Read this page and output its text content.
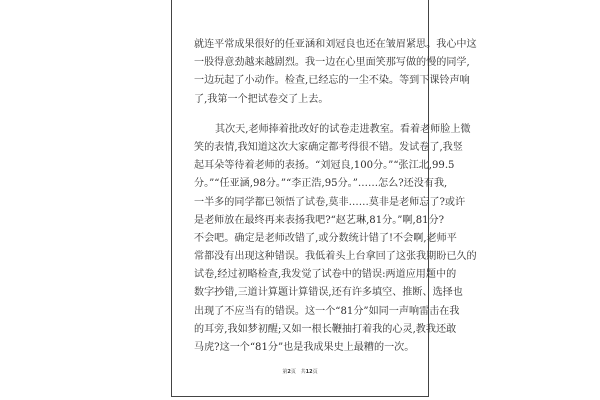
就连平常成果很好的任亚涵和刘冠良也还在皱眉紧思。我心中这
一股得意劲越来越剧烈。我一边在心里面笑那写做的慢的同学,
一边玩起了小动作。检查,已经忘的一尘不染。等到下课铃声响
了,我第一个把试卷交了上去。
其次天,老师捧着批改好的试卷走进教室。看着老师脸上微
笑的表情,我知道这次大家确定都考得很不错。发试卷了,我竖
起耳朵等待着老师的表扬。“刘冠良,100分。”“张江北,99.5
分。”“任亚涵,98分。”“李正浩,95分。”……怎么?还没有我,
一半多的同学都已领悟了试卷,莫非……莫非是老师忘了?或许
是老师放在最终再来表扬我吧?“赵艺琳,81分。”啊,81分?
不会吧。确定是老师改错了,或分数统计错了!不会啊,老师平
常都没有出现这种错误。我低着头上台拿回了这张我期盼已久的
试卷,经过初略检查,我发觉了试卷中的错误:两道应用题中的
数字抄错,三道计算题计算错误,还有许多填空、推断、选择也
出现了不应当有的错误。这一个“81分”如同一声响雷击在我
的耳旁,我如梦初醒;又如一根长鞭抽打着我的心灵,教我还敢
马虎?这一个“81分”也是我成果史上最糟的一次。
第2页 共12页
